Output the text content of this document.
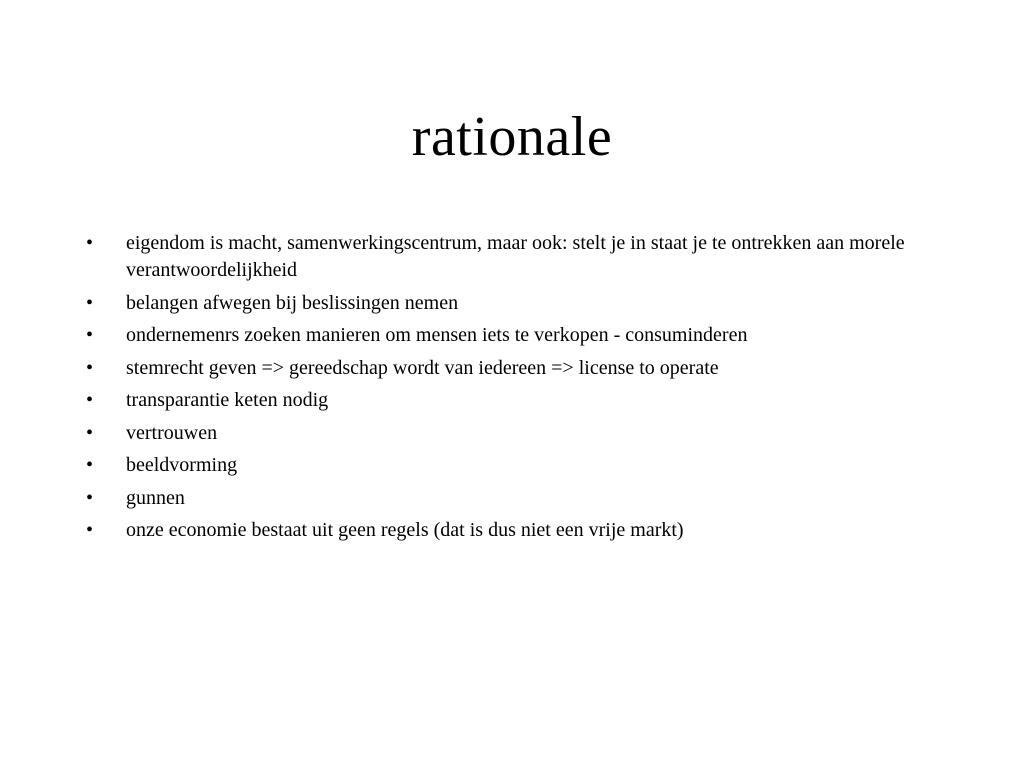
rationale
•	eigendom is macht, samenwerkingscentrum, maar ook: stelt je in staat je te ontrekken aan morele verantwoordelijkheid
•	belangen afwegen bij beslissingen nemen
•	ondernemenrs zoeken manieren om mensen iets te verkopen - consuminderen
•	stemrecht geven => gereedschap wordt van iedereen => license to operate
•	transparantie keten nodig
•	vertrouwen
•	beeldvorming
•	gunnen
•	onze economie bestaat uit geen regels (dat is dus niet een vrije markt)
